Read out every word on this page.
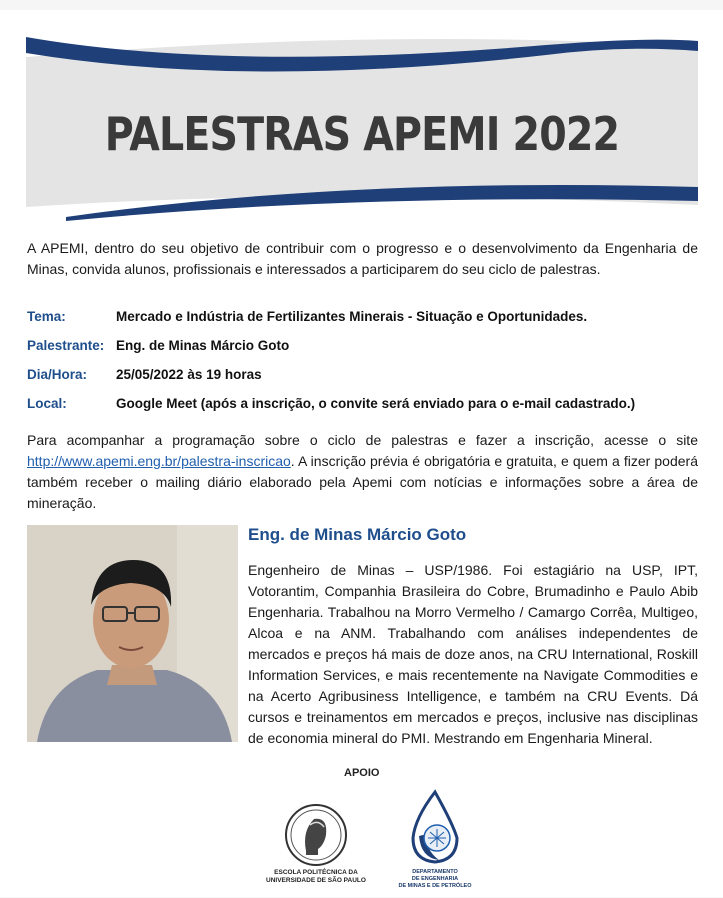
PALESTRAS APEMI 2022

A APEMI, dentro do seu objetivo de contribuir com o progresso e o desenvolvimento da Engenharia de Minas, convida alunos, profissionais e interessados a participarem do seu ciclo de palestras.

Tema:	Mercado e Indústria de Fertilizantes Minerais - Situação e Oportunidades.
Palestrante: Eng. de Minas Márcio Goto
Dia/Hora:	25/05/2022 às 19 horas
Local:	Google Meet (após a inscrição, o convite será enviado para o e-mail cadastrado.)

Para acompanhar a programação sobre o ciclo de palestras e fazer a inscrição, acesse o site http://www.apemi.eng.br/palestra-inscricao. A inscrição prévia é obrigatória e gratuita, e quem a fizer poderá também receber o mailing diário elaborado pela Apemi com notícias e informações sobre a área de mineração.

Eng. de Minas Márcio Goto

Engenheiro de Minas – USP/1986. Foi estagiário na USP, IPT, Votorantim, Companhia Brasileira do Cobre, Brumadinho e Paulo Abib Engenharia. Trabalhou na Morro Vermelho / Camargo Corrêa, Multigeo, Alcoa e na ANM. Trabalhando com análises independentes de mercados e preços há mais de doze anos, na CRU International, Roskill Information Services, e mais recentemente na Navigate Commodities e na Acerto Agribusiness Intelligence, e também na CRU Events. Dá cursos e treinamentos em mercados e preços, inclusive nas disciplinas de economia mineral do PMI. Mestrando em Engenharia Mineral.

APOIO
ESCOLA POLITÉCNICA DA
UNIVERSIDADE DE SÃO PAULO
DEPARTAMENTO
DE ENGENHARIA
DE MINAS E DE PETRÓLEO
